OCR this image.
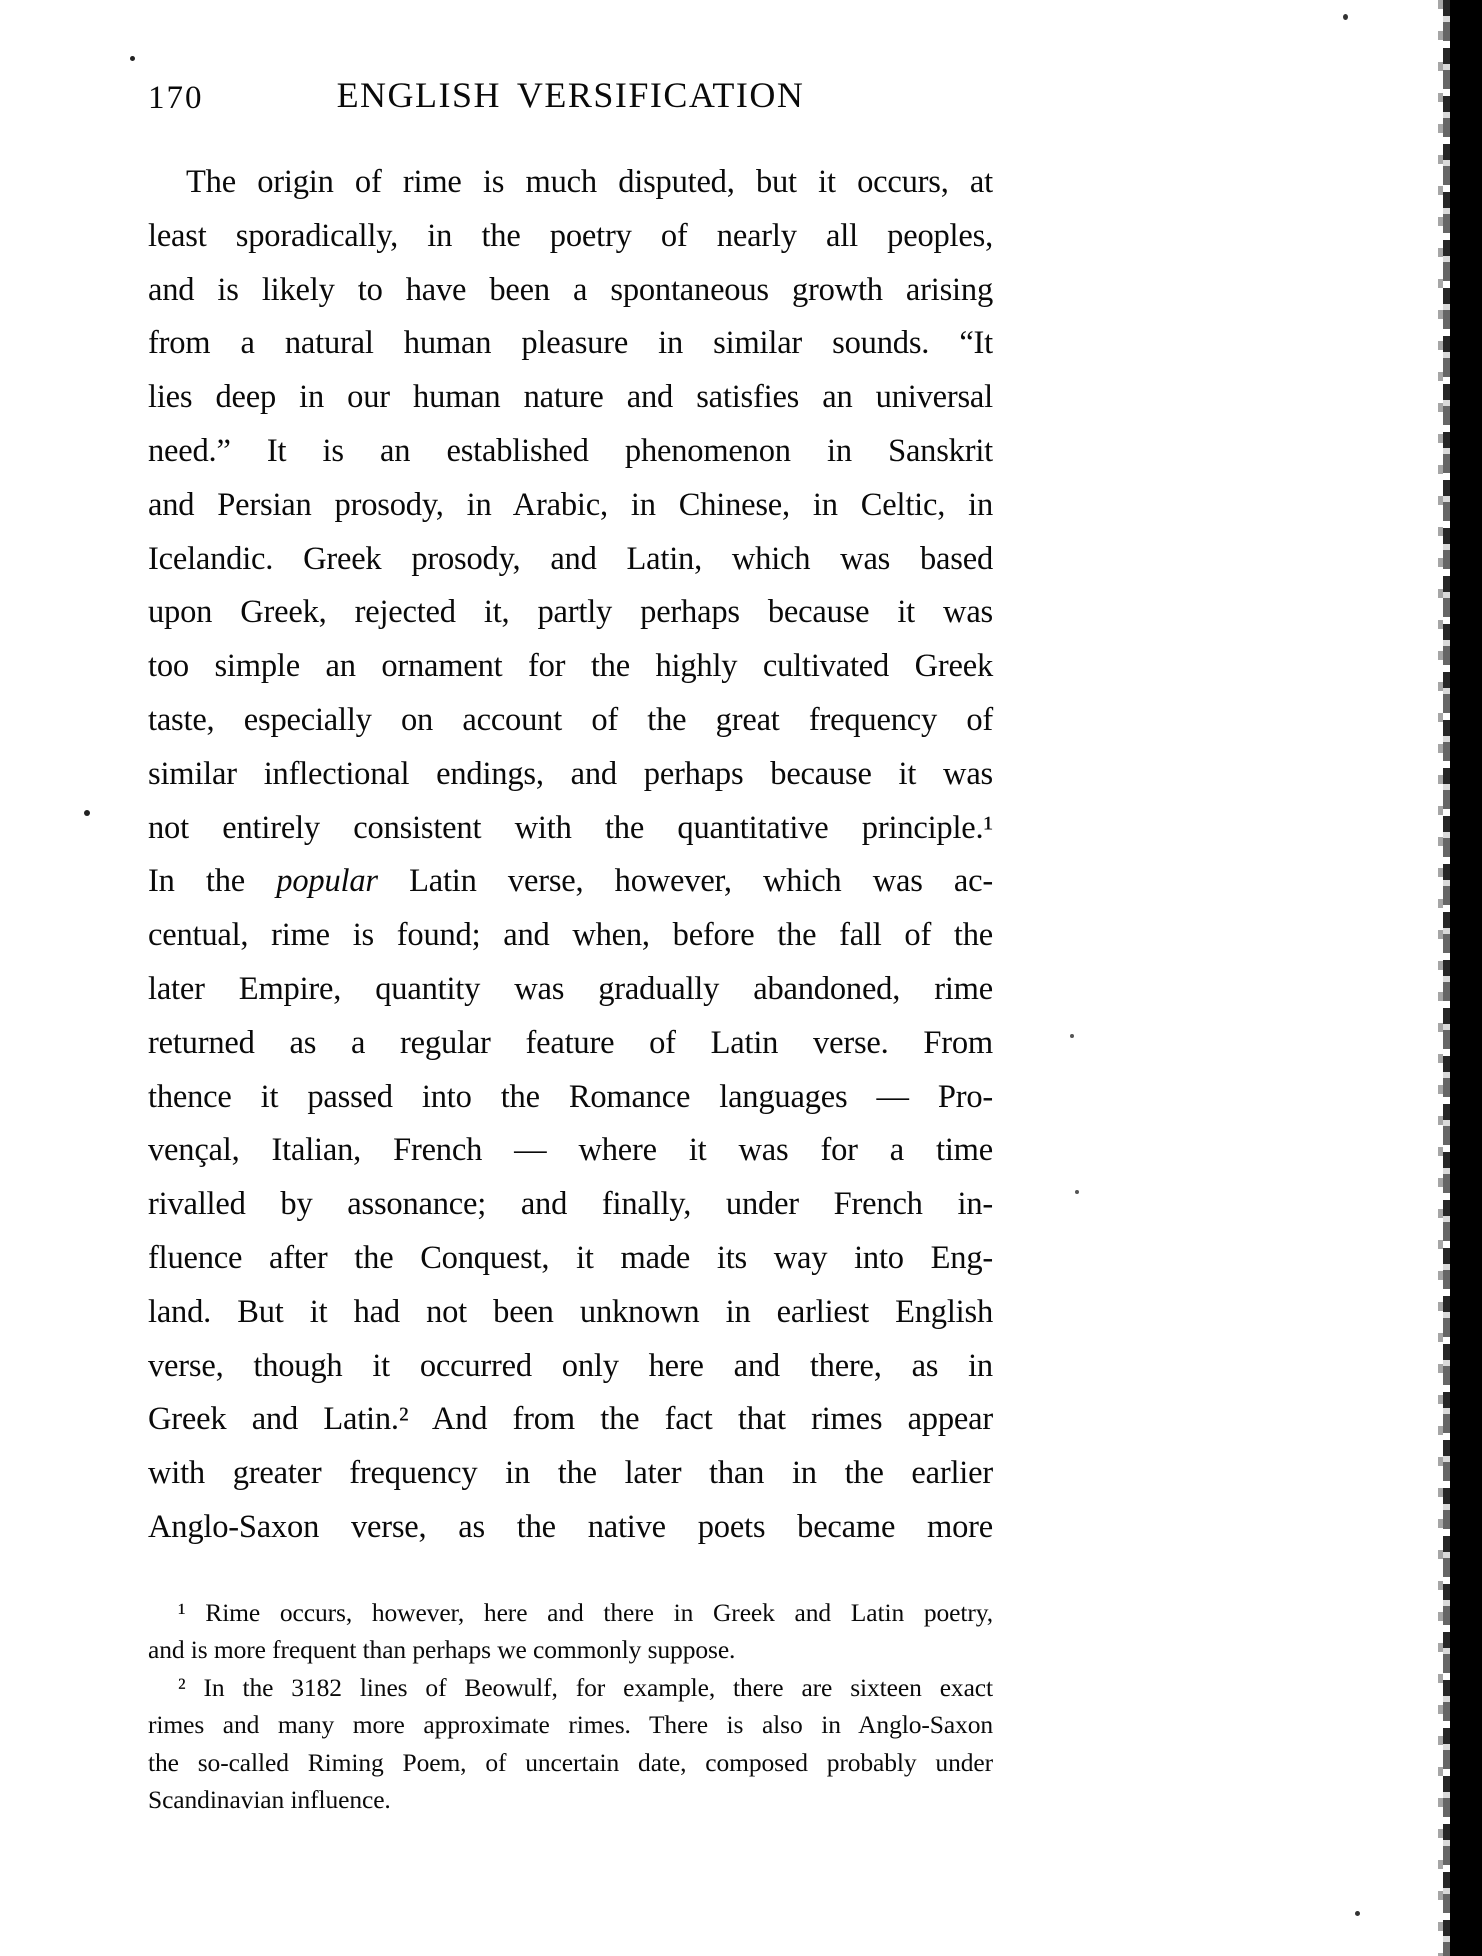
170	ENGLISH VERSIFICATION
The origin of rime is much disputed, but it occurs, at
least sporadically, in the poetry of nearly all peoples,
and is likely to have been a spontaneous growth arising
from a natural human pleasure in similar sounds. “It
lies deep in our human nature and satisfies an universal
need.” It is an established phenomenon in Sanskrit
and Persian prosody, in Arabic, in Chinese, in Celtic, in
Icelandic. Greek prosody, and Latin, which was based
upon Greek, rejected it, partly perhaps because it was
too simple an ornament for the highly cultivated Greek
taste, especially on account of the great frequency of
similar inflectional endings, and perhaps because it was
not entirely consistent with the quantitative principle.¹
In the popular Latin verse, however, which was ac-
centual, rime is found; and when, before the fall of the
later Empire, quantity was gradually abandoned, rime
returned as a regular feature of Latin verse. From
thence it passed into the Romance languages — Pro-
vençal, Italian, French — where it was for a time
rivalled by assonance; and finally, under French in-
fluence after the Conquest, it made its way into Eng-
land. But it had not been unknown in earliest English
verse, though it occurred only here and there, as in
Greek and Latin.² And from the fact that rimes appear
with greater frequency in the later than in the earlier
Anglo-Saxon verse, as the native poets became more
¹ Rime occurs, however, here and there in Greek and Latin poetry,
and is more frequent than perhaps we commonly suppose.
² In the 3182 lines of Beowulf, for example, there are sixteen exact
rimes and many more approximate rimes. There is also in Anglo-Saxon
the so-called Riming Poem, of uncertain date, composed probably under
Scandinavian influence.
